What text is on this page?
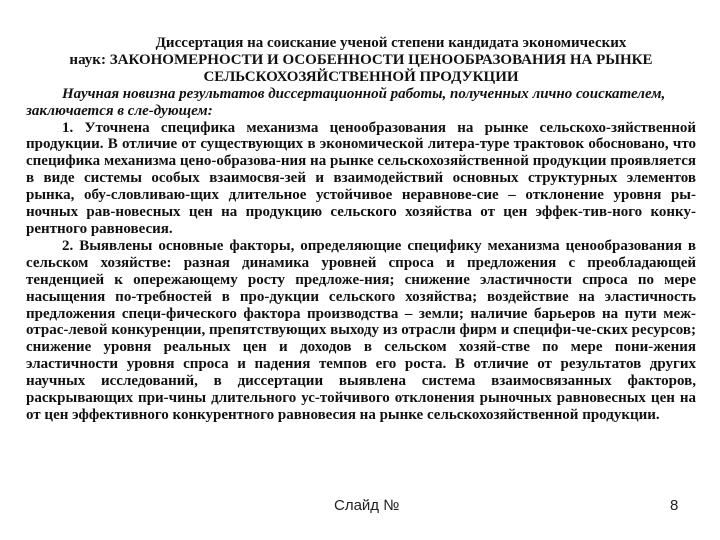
Диссертация на соискание ученой степени кандидата экономических
наук: ЗАКОНОМЕРНОСТИ И ОСОБЕННОСТИ ЦЕНООБРАЗОВАНИЯ НА РЫНКЕ СЕЛЬСКОХОЗЯЙСТВЕННОЙ ПРОДУКЦИИ

Научная новизна результатов диссертационной работы, полученных лично соискателем, заключается в сле-дующем:

1. Уточнена специфика механизма ценообразования на рынке сельскохо-зяйственной продукции. В отличие от существующих в экономической литера-туре трактовок обосновано, что специфика механизма цено-образова-ния на рынке сельскохозяйственной продукции проявляется в виде системы особых взаимосвя-зей и взаимодействий основных структурных элементов рынка, обу-словливаю-щих длительное устойчивое неравнове-сие – отклонение уровня ры-ночных рав-новесных цен на продукцию сельского хозяйства от цен эффек-тив-ного конку-рентного равновесия.

2. Выявлены основные факторы, определяющие специфику механизма ценообразования в сельском хозяйстве: разная динамика уровней спроса и предложения с преобладающей тенденцией к опережающему росту предложе-ния; снижение эластичности спроса по мере насыщения по-требностей в про-дукции сельского хозяйства; воздействие на эластичность предложения специ-фического фактора производства – земли; наличие барьеров на пути меж-отрас-левой конкуренции, препятствующих выходу из отрасли фирм и специфи-че-ских ресурсов; снижение уровня реальных цен и доходов в сельском хозяй-стве по мере пони-жения эластичности уровня спроса и падения темпов его роста. В отличие от результатов других научных исследований, в диссертации выявлена система взаимосвязанных факторов, раскрывающих при-чины длительного ус-тойчивого отклонения рыночных равновесных цен на от цен эффективного конкурентного равновесия на рынке сельскохозяйственной продукции.

Слайд №	8
